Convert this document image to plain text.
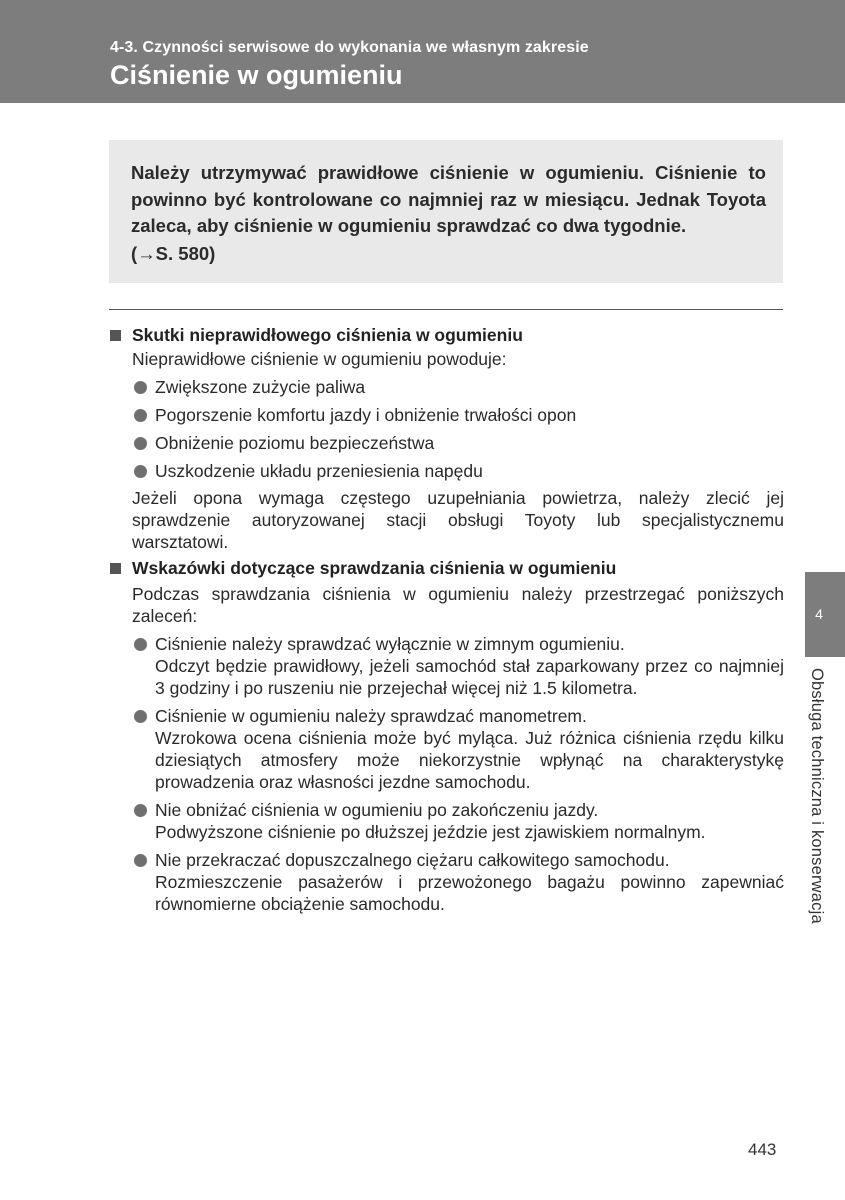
4-3. Czynności serwisowe do wykonania we własnym zakresie
Ciśnienie w ogumieniu
Należy utrzymywać prawidłowe ciśnienie w ogumieniu. Ciśnienie to powinno być kontrolowane co najmniej raz w miesiącu. Jednak Toyota zaleca, aby ciśnienie w ogumieniu sprawdzać co dwa tygodnie.
(→S. 580)
Skutki nieprawidłowego ciśnienia w ogumieniu
Nieprawidłowe ciśnienie w ogumieniu powoduje:
Zwiększone zużycie paliwa
Pogorszenie komfortu jazdy i obniżenie trwałości opon
Obniżenie poziomu bezpieczeństwa
Uszkodzenie układu przeniesienia napędu
Jeżeli opona wymaga częstego uzupełniania powietrza, należy zlecić jej sprawdzenie autoryzowanej stacji obsługi Toyoty lub specjalistycznemu warsztatowi.
Wskazówki dotyczące sprawdzania ciśnienia w ogumieniu
Podczas sprawdzania ciśnienia w ogumieniu należy przestrzegać poniższych zaleceń:
Ciśnienie należy sprawdzać wyłącznie w zimnym ogumieniu.
Odczyt będzie prawidłowy, jeżeli samochód stał zaparkowany przez co najmniej 3 godziny i po ruszeniu nie przejechał więcej niż 1.5 kilometra.
Ciśnienie w ogumieniu należy sprawdzać manometrem.
Wzrokowa ocena ciśnienia może być myląca. Już różnica ciśnienia rzędu kilku dziesiątych atmosfery może niekorzystnie wpłynąć na charakterystykę prowadzenia oraz własności jezdne samochodu.
Nie obniżać ciśnienia w ogumieniu po zakończeniu jazdy.
Podwyższone ciśnienie po dłuższej jeździe jest zjawiskiem normalnym.
Nie przekraczać dopuszczalnego ciężaru całkowitego samochodu.
Rozmieszczenie pasażerów i przewożonego bagażu powinno zapewniać równomierne obciążenie samochodu.
4
Obsługa techniczna i konserwacja
443
